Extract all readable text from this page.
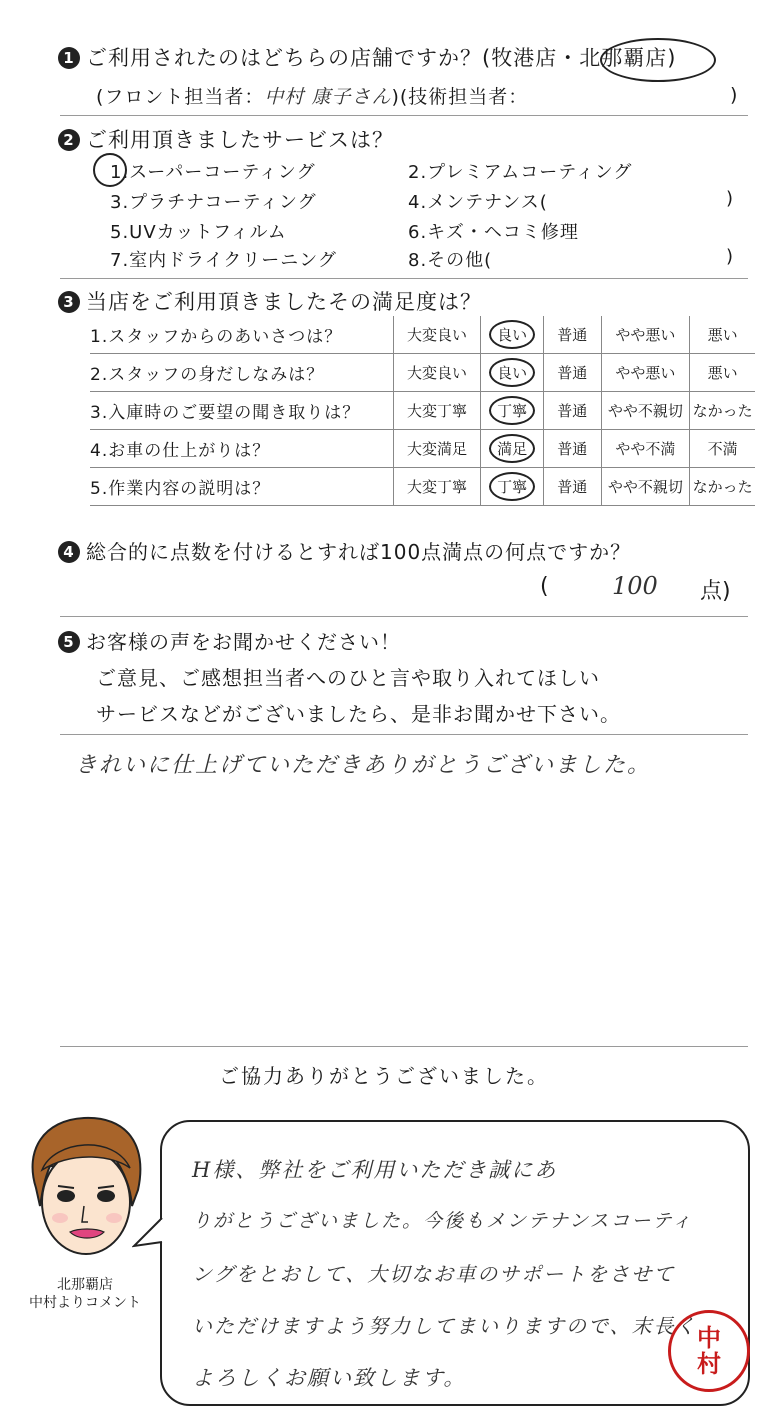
1 ご利用されたのはどちらの店舗ですか？(牧港店・北那覇店)
(フロント担当者：中村 康子さん)(技術担当者：	)
2 ご利用頂きましたサービスは？
1.スーパーコーティング	2.プレミアムコーティング
3.プラチナコーティング	4.メンテナンス(	)
5.UVカットフィルム	6.キズ・ヘコミ修理
7.室内ドライクリーニング	8.その他(	)
3 当店をご利用頂きましたその満足度は？
1.スタッフからのあいさつは？	大変良い	良い	普通	やや悪い	悪い
2.スタッフの身だしなみは？	大変良い	良い	普通	やや悪い	悪い
3.入庫時のご要望の聞き取りは？	大変丁寧	丁寧	普通	やや不親切	なかった
4.お車の仕上がりは？	大変満足	満足	普通	やや不満	不満
5.作業内容の説明は？	大変丁寧	丁寧	普通	やや不親切	なかった
4 総合的に点数を付けるとすれば100点満点の何点ですか？
(	100 点)
5 お客様の声をお聞かせください！
ご意見、ご感想担当者へのひと言や取り入れてほしい
サービスなどがございましたら、是非お聞かせ下さい。
きれいに仕上げていただきありがとうございました。
ご協力ありがとうございました。
北那覇店
中村よりコメント
H様、弊社をご利用いただき誠にあ
りがとうございました。今後もメンテナンスコーティ
ングをとおして、大切なお車のサポートをさせて
いただけますよう努力してまいりますので、末長く
よろしくお願い致します。
中
村
